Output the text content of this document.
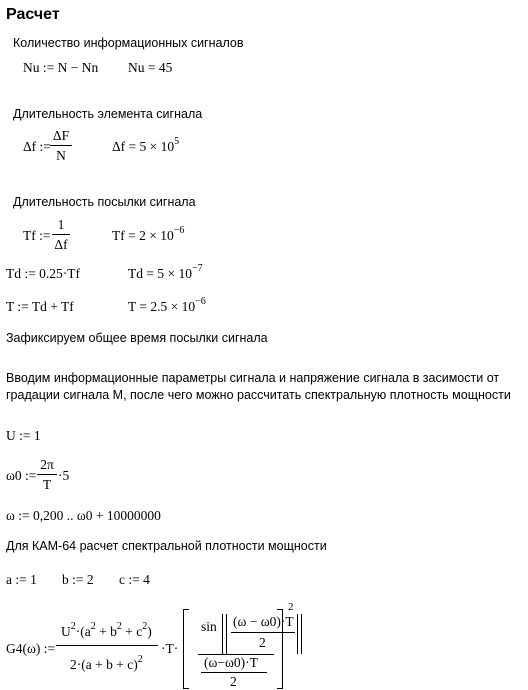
Расчет
Количество информационных сигналов
Nu := N − Nn Nu = 45
Длительность элемента сигнала
Δf :=
ΔF
N
$\Delta f = 5 \times 10^5$
Длительность посылки сигнала
Tf :=
1
Δf
$Tf = 2 \times 10^{-6}$
Td := 0.25·Tf	$Td = 5 \times 10^{-7}$
T := Td + Tf	$T = 2.5 \times 10^{-6}$
Зафиксируем общее время посылки сигнала
Вводим информационные параметры сигнала и напряжение сигнала в засимости от
градации сигнала М, после чего можно рассчитать спектральную плотность мощности
U := 1
ω0 :=
2π
T
·5
ω := 0,200 .. ω0 + 10000000
Для КАМ-64 расчет спектральной плотности мощности
a := 1 b := 2 c := 4
G4(ω) :=
$U^2\cdot(a^2 + b^2 + c^2)$
$2\cdot(a + b + c)^2$
·T·
sin (ω − ω0)·T
2
(ω−ω0)·T
2
2
